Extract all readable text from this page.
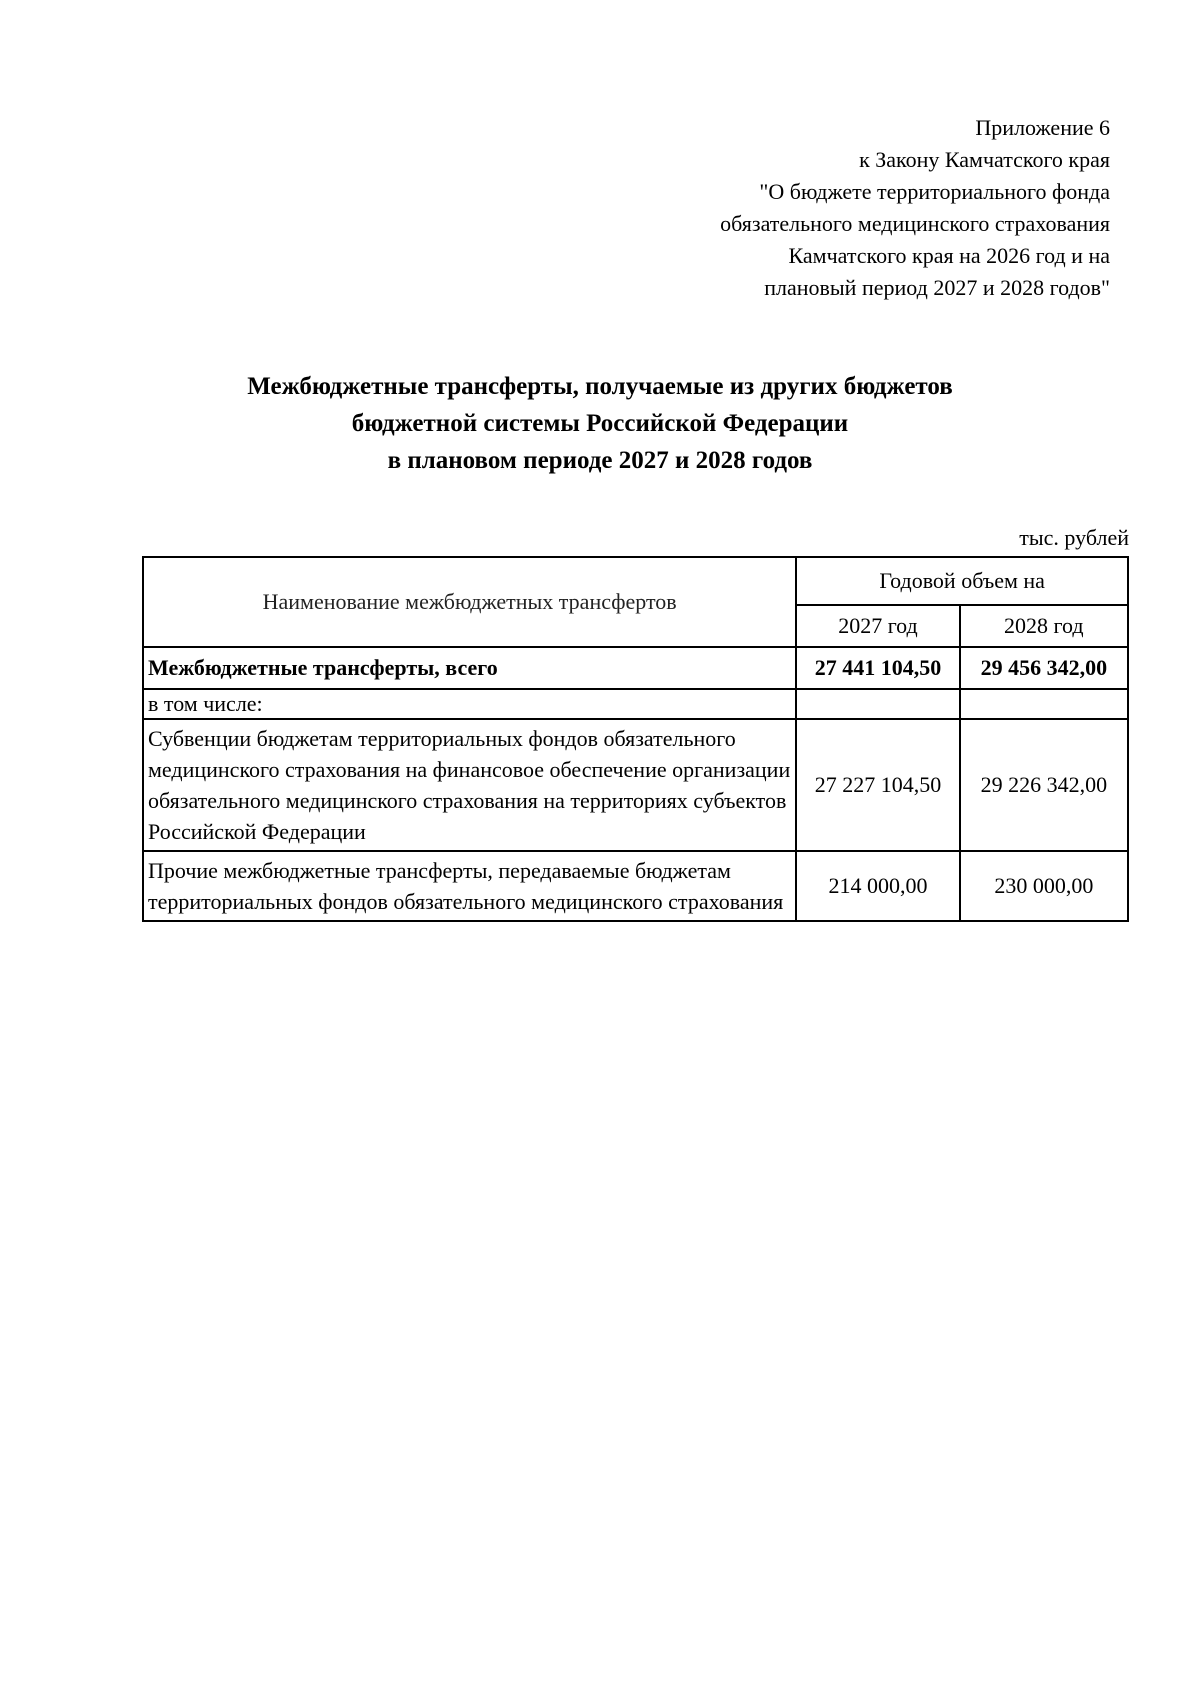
Приложение 6
к Закону Камчатского края
"О бюджете территориального фонда
обязательного медицинского страхования
Камчатского края на 2026 год и на
плановый период 2027 и 2028 годов"
Межбюджетные трансферты, получаемые из других бюджетов
бюджетной системы Российской Федерации
в плановом периоде 2027 и 2028 годов
тыс. рублей
Наименование межбюджетных трансфертов	Годовой объем на	
	2027 год	2028 год
Межбюджетные трансферты, всего	27 441 104,50	29 456 342,00
в том числе:		
Субвенции бюджетам территориальных фондов обязательного медицинского страхования на финансовое обеспечение организации обязательного медицинского страхования на территориях субъектов Российской Федерации	27 227 104,50	29 226 342,00
Прочие межбюджетные трансферты, передаваемые бюджетам территориальных фондов обязательного медицинского страхования	214 000,00	230 000,00
